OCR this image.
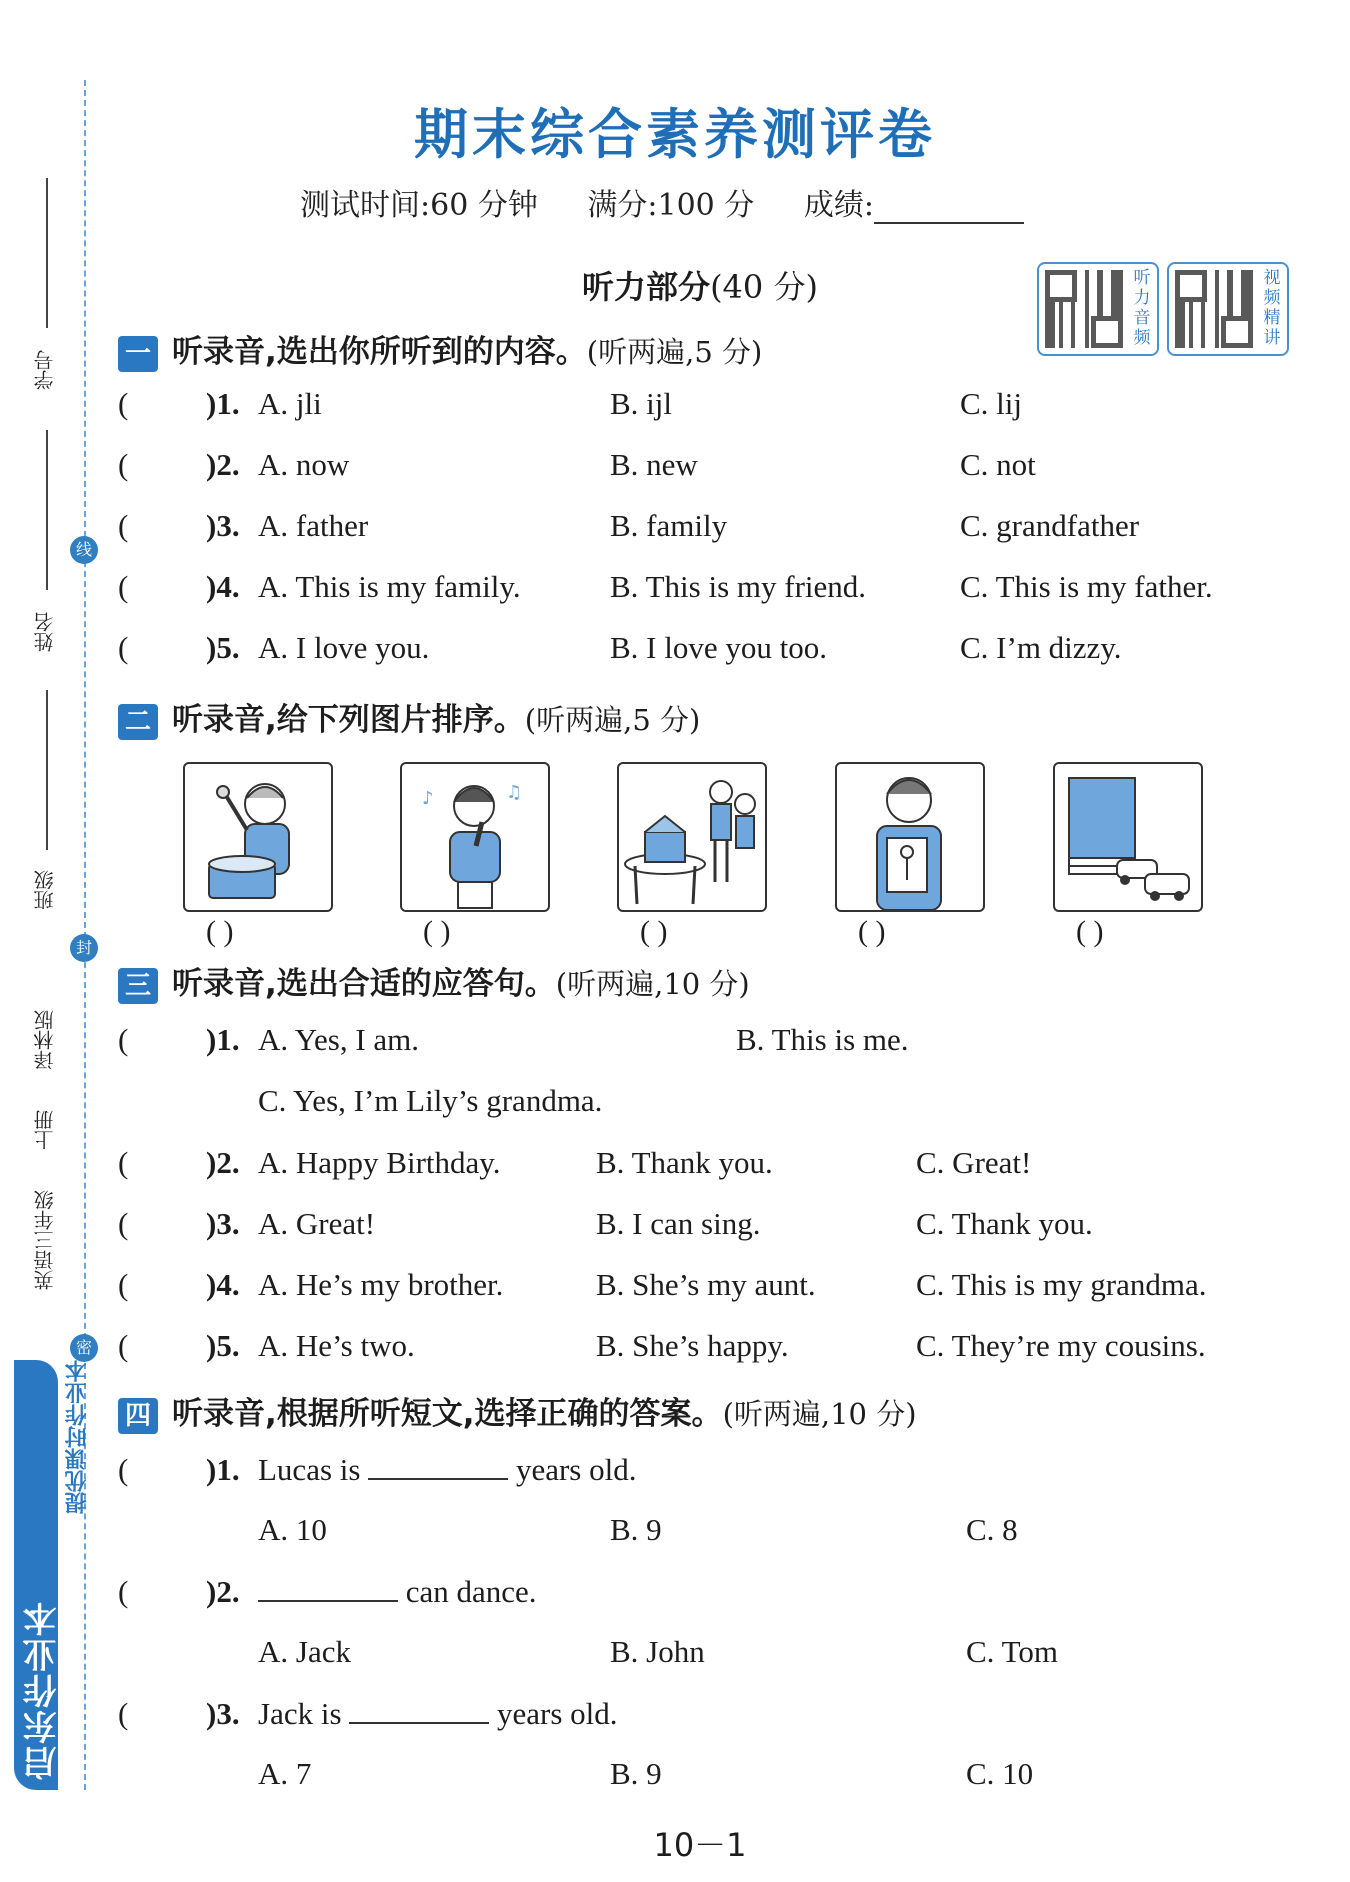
学号
姓名
班级
线
封
密
译林版
上册
英语三年级
启东作业本
提优课时作业本
期末综合素养测评卷
测试时间:60 分钟 满分:100 分 成绩:
听力部分(40 分)	听力音频
视频精讲
一 听录音,选出你所听到的内容。(听两遍,5 分)
(	)1. A. jli	B. ijl	C. lij
(	)2. A. now	B. new	C. not
(	)3. A. father	B. family	C. grandfather
(	)4. A. This is my family.	B. This is my friend.	C. This is my father.
(	)5. A. I love you.	B. I love you too.	C. I’m dizzy.
二 听录音,给下列图片排序。(听两遍,5 分)
♪	♫
( )	( )	( )	( )	( )
三 听录音,选出合适的应答句。(听两遍,10 分)
(	)1. A. Yes, I am.	B. This is me.
C. Yes, I’m Lily’s grandma.
(	)2. A. Happy Birthday.	B. Thank you.	C. Great!
(	)3. A. Great!	B. I can sing.	C. Thank you.
(	)4. A. He’s my brother.	B. She’s my aunt.	C. This is my grandma.
(	)5. A. He’s two.	B. She’s happy.	C. They’re my cousins.
四 听录音,根据所听短文,选择正确的答案。(听两遍,10 分)
(	)1. Lucas is	years old.
A. 10	B. 9	C. 8
(	)2.	can dance.
A. Jack	B. John	C. Tom
(	)3. Jack is	years old.
A. 7	B. 9	C. 10
10－1
